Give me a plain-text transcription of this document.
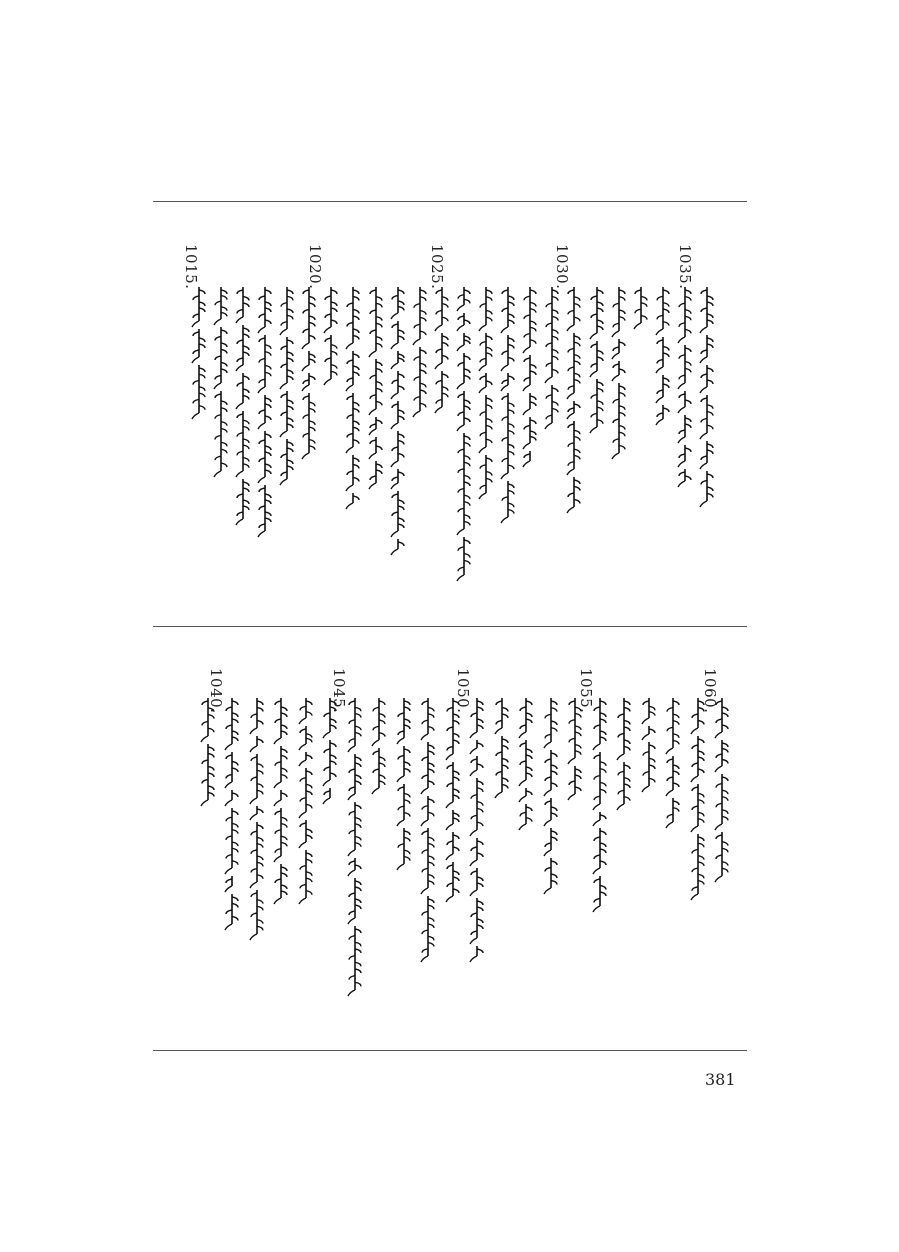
1035.
1030.
1025.
1020.
1015.
1060.
1055.
1050.
1045.
1040.
381
